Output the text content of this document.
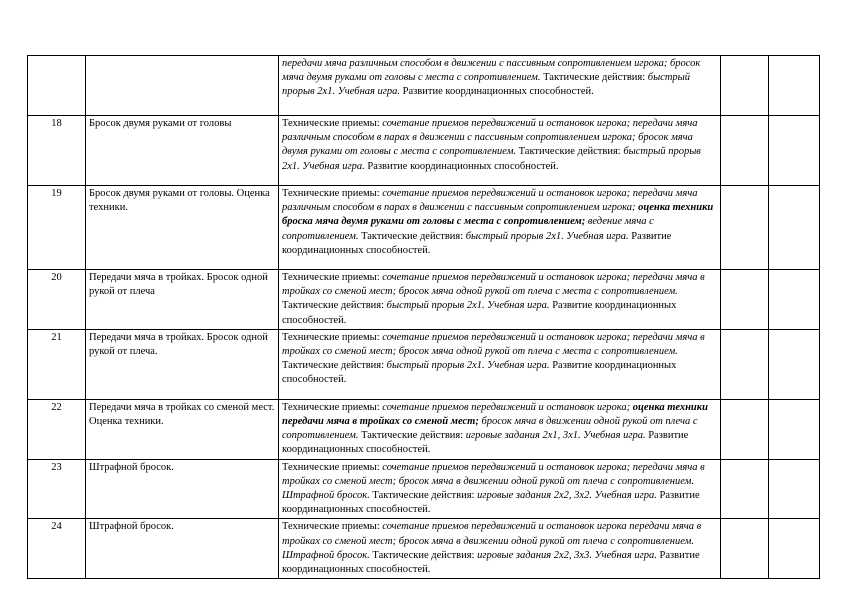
		передачи мяча различным способом в движении с пассивным сопротивлением игрока; бросок мяча двумя руками от головы с места с сопротивлением. Тактические действия: быстрый прорыв 2х1. Учебная игра. Развитие координационных способностей.		
18	Бросок двумя руками от головы	Технические приемы: сочетание приемов передвижений и остановок игрока; передачи мяча различным способом в парах в движении с пассивным сопротивлением игрока; бросок мяча двумя руками от головы с места с сопротивлением. Тактические действия: быстрый прорыв 2х1. Учебная игра. Развитие координационных способностей.		
19	Бросок двумя руками от головы. Оценка техники.	Технические приемы: сочетание приемов передвижений и остановок игрока; передачи мяча различным способом в парах в движении с пассивным сопротивлением игрока; оценка техники броска мяча двумя руками от головы с места с сопротивлением; ведение мяча с сопротивлением. Тактические действия: быстрый прорыв 2х1. Учебная игра. Развитие координационных способностей.		
20	Передачи мяча в тройках. Бросок одной рукой от плеча	Технические приемы: сочетание приемов передвижений и остановок игрока; передачи мяча в тройках со сменой мест; бросок мяча одной рукой от плеча с места с сопротивлением. Тактические действия: быстрый прорыв 2х1. Учебная игра. Развитие координационных способностей.		
21	Передачи мяча в тройках. Бросок одной рукой от плеча.	Технические приемы: сочетание приемов передвижений и остановок игрока; передачи мяча в тройках со сменой мест; бросок мяча одной рукой от плеча с места с сопротивлением. Тактические действия: быстрый прорыв 2х1. Учебная игра. Развитие координационных способностей.		
22	Передачи мяча в тройках со сменой мест. Оценка техники.	Технические приемы: сочетание приемов передвижений и остановок игрока; оценка техники передачи мяча в тройках со сменой мест; бросок мяча в движении одной рукой от плеча с сопротивлением. Тактические действия: игровые задания 2х1, 3х1. Учебная игра. Развитие координационных способностей.		
23	Штрафной бросок.	Технические приемы: сочетание приемов передвижений и остановок игрока; передачи мяча в тройках со сменой мест; бросок мяча в движении одной рукой от плеча с сопротивлением. Штрафной бросок. Тактические действия: игровые задания 2х2, 3х2. Учебная игра. Развитие координационных способностей.		
24	Штрафной бросок.	Технические приемы: сочетание приемов передвижений и остановок игрока передачи мяча в тройках со сменой мест; бросок мяча в движении одной рукой от плеча с сопротивлением. Штрафной бросок. Тактические действия: игровые задания 2х2, 3х3. Учебная игра. Развитие координационных способностей.		
